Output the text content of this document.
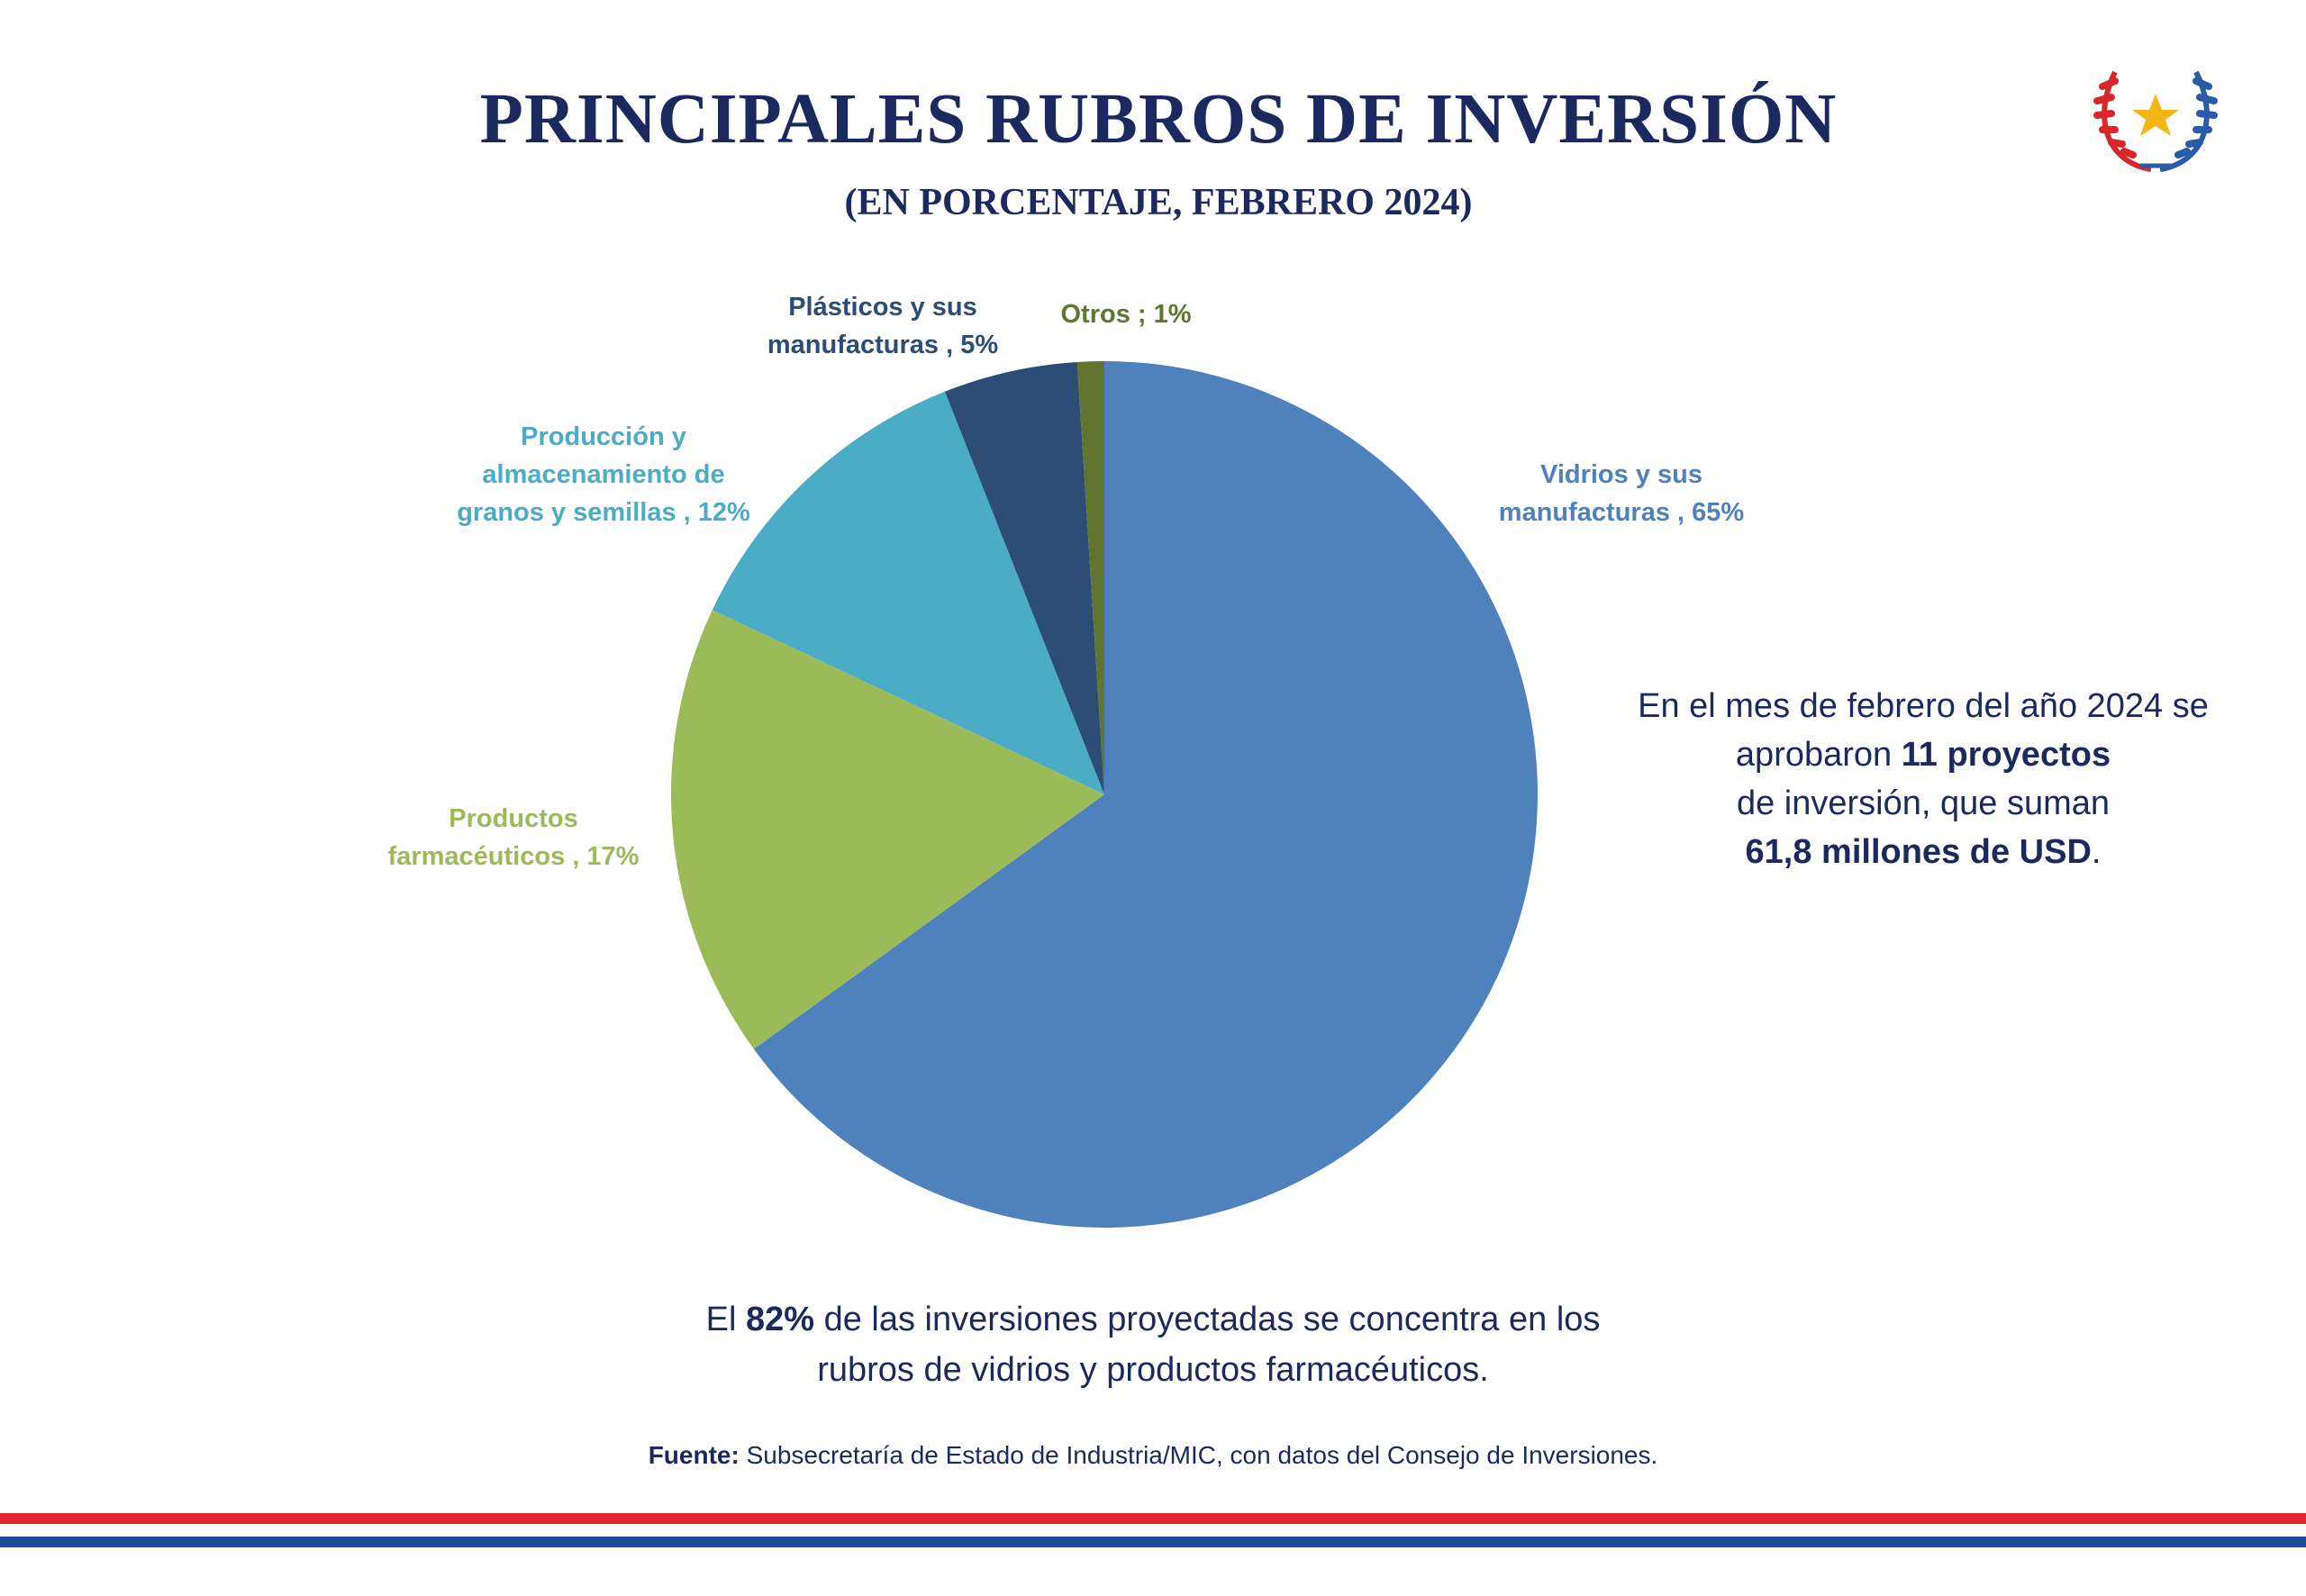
PRINCIPALES RUBROS DE INVERSIÓN
(EN PORCENTAJE, FEBRERO 2024)
Vidrios y sus manufacturas , 65%
Productos farmacéuticos , 17%
Producción y almacenamiento de granos y semillas , 12%
Plásticos y sus manufacturas , 5%
Otros ; 1%
En el mes de febrero del año 2024 se
aprobaron 11 proyectos
de inversión, que suman
61,8 millones de USD.
El 82% de las inversiones proyectadas se concentra en los
rubros de vidrios y productos farmacéuticos.
Fuente: Subsecretaría de Estado de Industria/MIC, con datos del Consejo de Inversiones.
